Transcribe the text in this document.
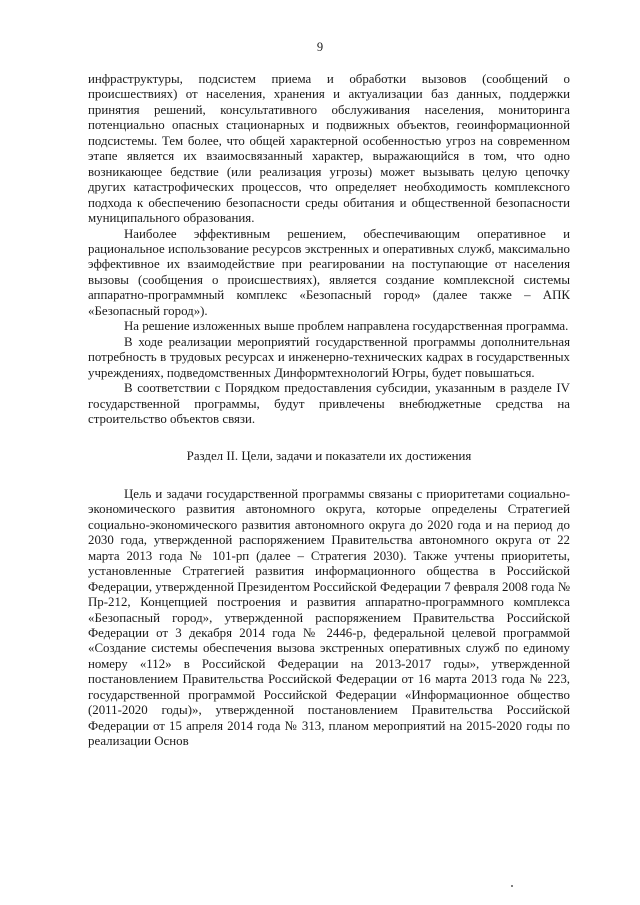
9

инфраструктуры, подсистем приема и обработки вызовов (сообщений о происшествиях) от населения, хранения и актуализации баз данных, поддержки принятия решений, консультативного обслуживания населения, мониторинга потенциально опасных стационарных и подвижных объектов, геоинформационной подсистемы. Тем более, что общей характерной особенностью угроз на современном этапе является их взаимосвязанный характер, выражающийся в том, что одно возникающее бедствие (или реализация угрозы) может вызывать целую цепочку других катастрофических процессов, что определяет необходимость комплексного подхода к обеспечению безопасности среды обитания и общественной безопасности муниципального образования.

Наиболее эффективным решением, обеспечивающим оперативное и рациональное использование ресурсов экстренных и оперативных служб, максимально эффективное их взаимодействие при реагировании на поступающие от населения вызовы (сообщения о происшествиях), является создание комплексной системы аппаратно-программный комплекс «Безопасный город» (далее также – АПК «Безопасный город»).

На решение изложенных выше проблем направлена государственная программа.

В ходе реализации мероприятий государственной программы дополнительная потребность в трудовых ресурсах и инженерно-технических кадрах в государственных учреждениях, подведомственных Динформтехнологий Югры, будет повышаться.

В соответствии с Порядком предоставления субсидии, указанным в разделе IV государственной программы, будут привлечены внебюджетные средства на строительство объектов связи.

Раздел II. Цели, задачи и показатели их достижения

Цель и задачи государственной программы связаны с приоритетами социально-экономического развития автономного округа, которые определены Стратегией социально-экономического развития автономного округа до 2020 года и на период до 2030 года, утвержденной распоряжением Правительства автономного округа от 22 марта 2013 года № 101-рп (далее – Стратегия 2030). Также учтены приоритеты, установленные Стратегией развития информационного общества в Российской Федерации, утвержденной Президентом Российской Федерации 7 февраля 2008 года № Пр-212, Концепцией построения и развития аппаратно-программного комплекса «Безопасный город», утвержденной распоряжением Правительства Российской Федерации от 3 декабря 2014 года № 2446-р, федеральной целевой программой «Создание системы обеспечения вызова экстренных оперативных служб по единому номеру «112» в Российской Федерации на 2013-2017 годы», утвержденной постановлением Правительства Российской Федерации от 16 марта 2013 года № 223, государственной программой Российской Федерации «Информационное общество (2011-2020 годы)», утвержденной постановлением Правительства Российской Федерации от 15 апреля 2014 года № 313, планом мероприятий на 2015-2020 годы по реализации Основ
